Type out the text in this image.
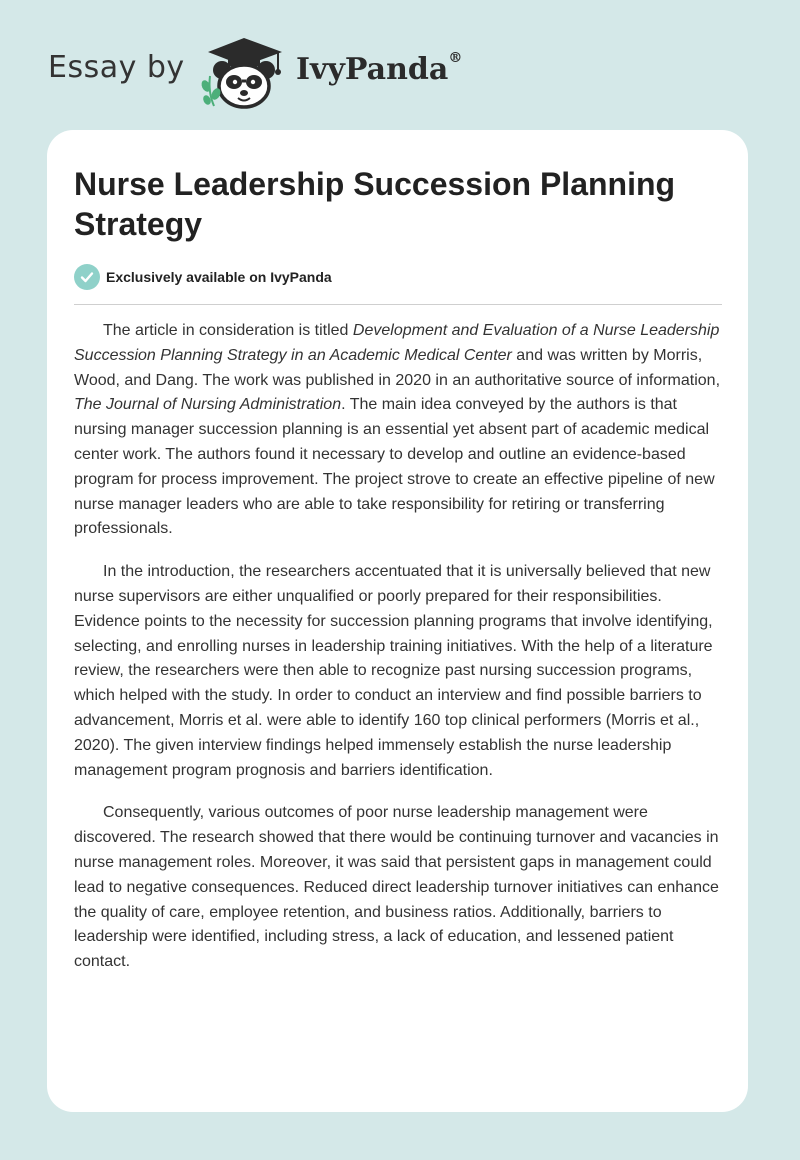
Essay by	IvyPanda®
Nurse Leadership Succession Planning Strategy
Exclusively available on IvyPanda

The article in consideration is titled Development and Evaluation of a Nurse Leadership Succession Planning Strategy in an Academic Medical Center and was written by Morris, Wood, and Dang. The work was published in 2020 in an authoritative source of information, The Journal of Nursing Administration. The main idea conveyed by the authors is that nursing manager succession planning is an essential yet absent part of academic medical center work. The authors found it necessary to develop and outline an evidence-based program for process improvement. The project strove to create an effective pipeline of new nurse manager leaders who are able to take responsibility for retiring or transferring professionals.

In the introduction, the researchers accentuated that it is universally believed that new nurse supervisors are either unqualified or poorly prepared for their responsibilities. Evidence points to the necessity for succession planning programs that involve identifying, selecting, and enrolling nurses in leadership training initiatives. With the help of a literature review, the researchers were then able to recognize past nursing succession programs, which helped with the study. In order to conduct an interview and find possible barriers to advancement, Morris et al. were able to identify 160 top clinical performers (Morris et al., 2020). The given interview findings helped immensely establish the nurse leadership management program prognosis and barriers identification.

Consequently, various outcomes of poor nurse leadership management were discovered. The research showed that there would be continuing turnover and vacancies in nurse management roles. Moreover, it was said that persistent gaps in management could lead to negative consequences. Reduced direct leadership turnover initiatives can enhance the quality of care, employee retention, and business ratios. Additionally, barriers to leadership were identified, including stress, a lack of education, and lessened patient contact.
